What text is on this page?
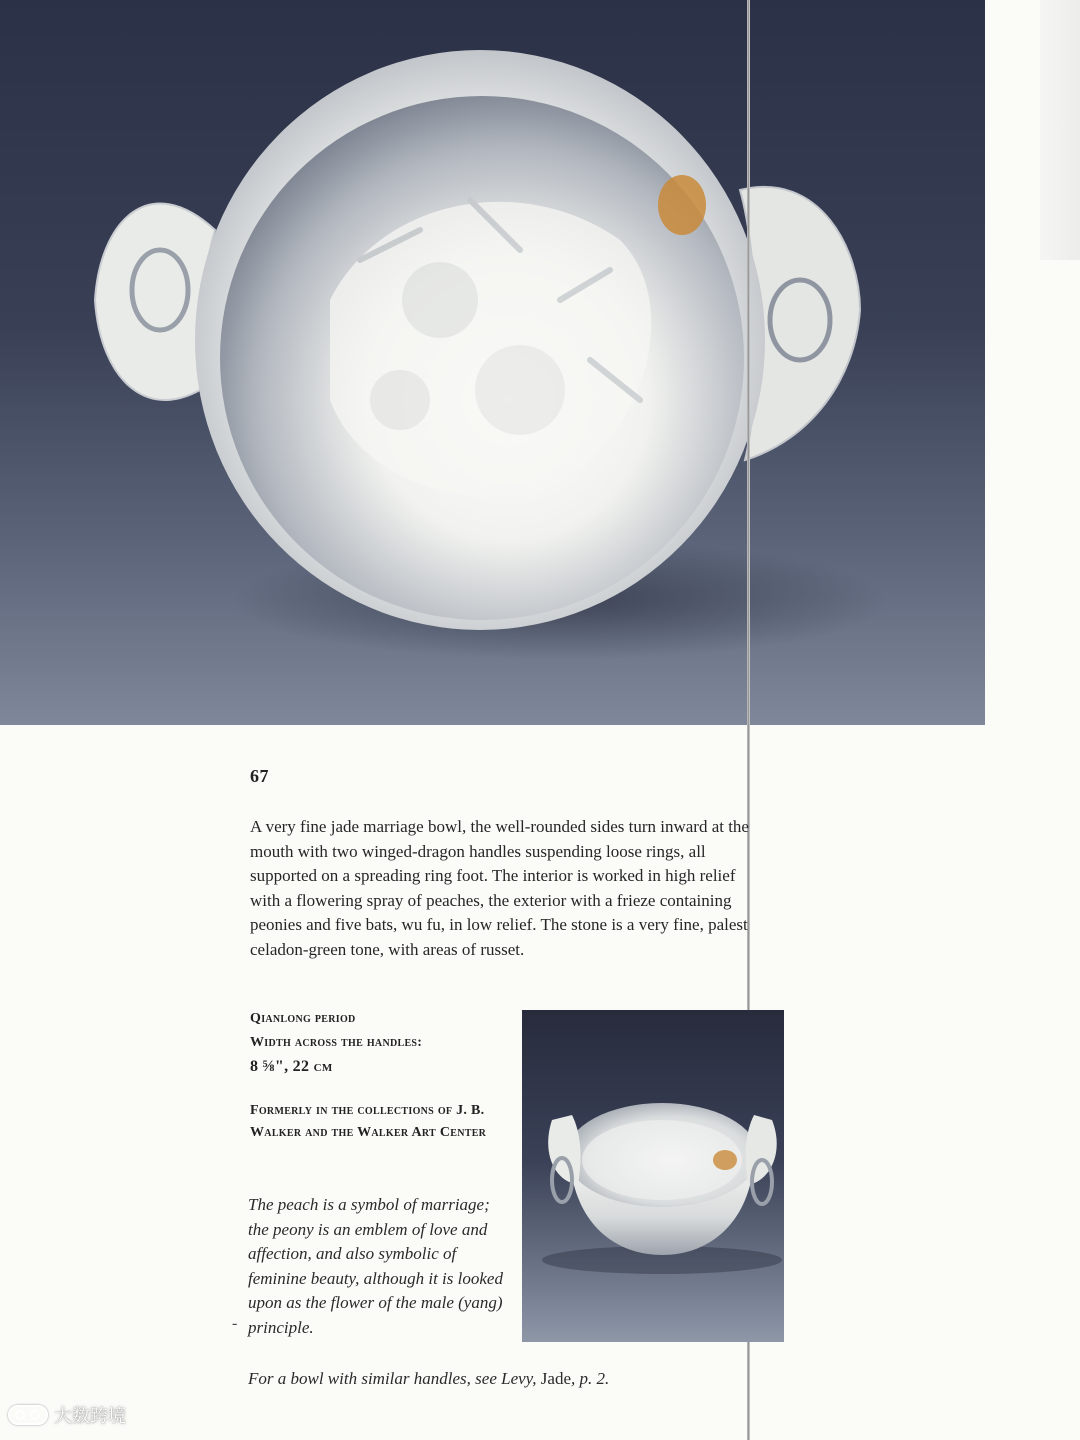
67

A very fine jade marriage bowl, the well-rounded sides turn inward at the mouth with two winged-dragon handles suspending loose rings, all supported on a spreading ring foot. The interior is worked in high relief with a flowering spray of peaches, the exterior with a frieze containing peonies and five bats, wu fu, in low relief. The stone is a very fine, palest celadon-green tone, with areas of russet.

Qianlong period
Width across the handles:
8 ⅝", 22 cm

Formerly in the collections of J. B. Walker and the Walker Art Center

The peach is a symbol of marriage; the peony is an emblem of love and affection, and also symbolic of feminine beauty, although it is looked upon as the flower of the male (yang) principle.

-

For a bowl with similar handles, see Levy, Jade, p. 2.

大数跨境
